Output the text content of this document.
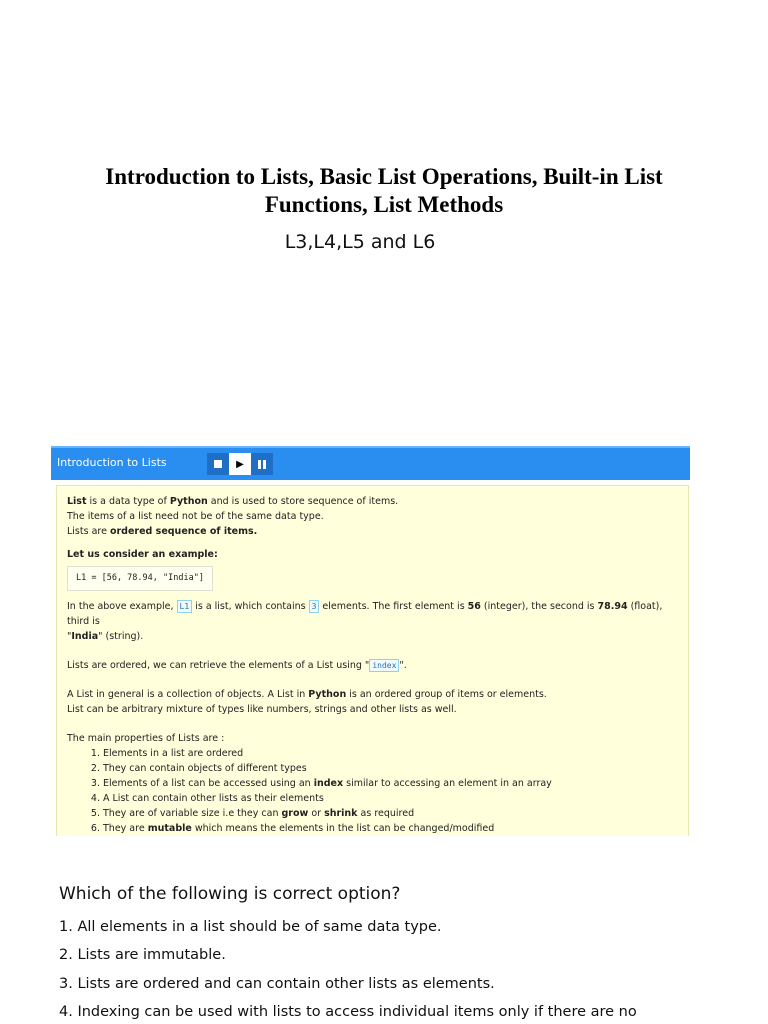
Introduction to Lists, Basic List Operations, Built-in List
Functions, List Methods
L3,L4,L5 and L6
Introduction to Lists	▶

List is a data type of Python and is used to store sequence of items.

The items of a list need not be of the same data type.

Lists are ordered sequence of items.

Let us consider an example:

L1 = [56, 78.94, "India"]

In the above example, L1 is a list, which contains 3 elements. The first element is 56 (integer), the second is 78.94 (float), third is

"India" (string).

Lists are ordered, we can retrieve the elements of a List using " index ".

A List in general is a collection of objects. A List in Python is an ordered group of items or elements.

List can be arbitrary mixture of types like numbers, strings and other lists as well.

The main properties of Lists are :

1. Elements in a list are ordered
2. They can contain objects of different types
3. Elements of a list can be accessed using an index similar to accessing an element in an array
4. A List can contain other lists as their elements
5. They are of variable size i.e they can grow or shrink as required
6. They are mutable which means the elements in the list can be changed/modified
Which of the following is correct option?
1. All elements in a list should be of same data type.
2. Lists are immutable.
3. Lists are ordered and can contain other lists as elements.
4. Indexing can be used with lists to access individual items only if there are no
